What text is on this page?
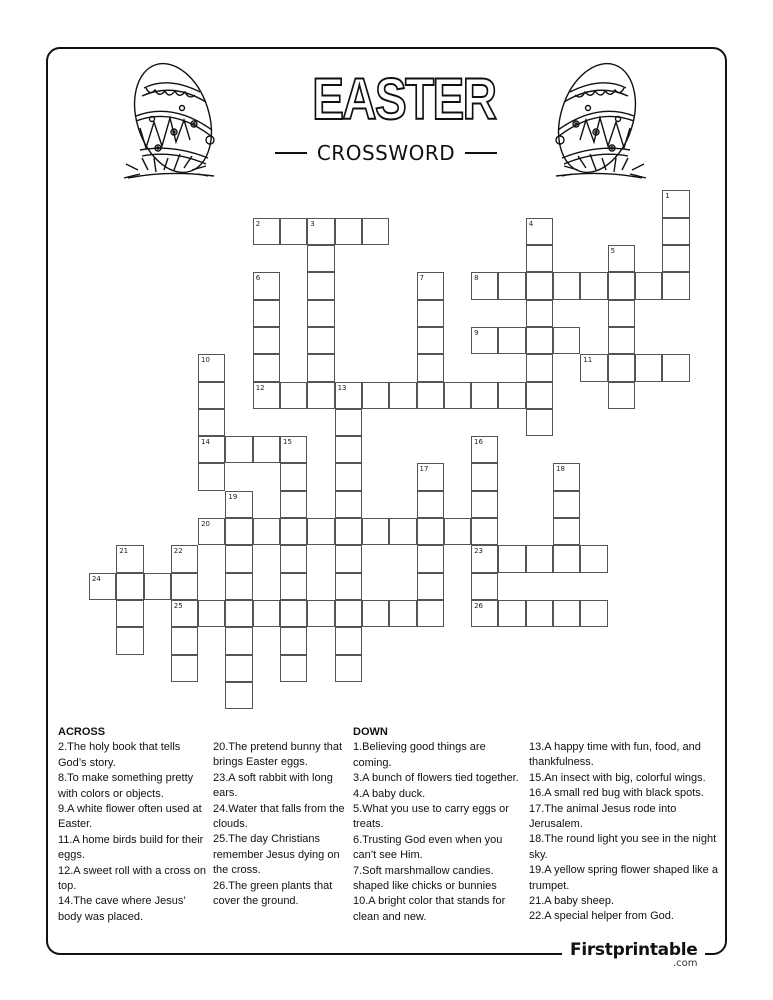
EASTER
CROSSWORD
1
2	3	4
5
6
12
7	8
9
10
14
11
13
15	16
23
26
17	18
19
20
21	22
25
24
ACROSS
2.The holy book that tells God’s story.
8.To make something pretty with colors or objects.
9.A white flower often used at Easter.
11.A home birds build for their eggs.
12.A sweet roll with a cross on top.
14.The cave where Jesus’ body was placed.
20.The pretend bunny that brings Easter eggs.
23.A soft rabbit with long ears.
24.Water that falls from the clouds.
25.The day Christians remember Jesus dying on the cross.
26.The green plants that cover the ground.
DOWN
1.Believing good things are coming.
3.A bunch of flowers tied together.
4.A baby duck.
5.What you use to carry eggs or treats.
6.Trusting God even when you can’t see Him.
7.Soft marshmallow candies. shaped like chicks or bunnies
10.A bright color that stands for clean and new.
13.A happy time with fun, food, and thankfulness.
15.An insect with big, colorful wings.
16.A small red bug with black spots.
17.The animal Jesus rode into Jerusalem.
18.The round light you see in the night sky.
19.A yellow spring flower shaped like a trumpet.
21.A baby sheep.
22.A special helper from God.
Firstprintable
.com
